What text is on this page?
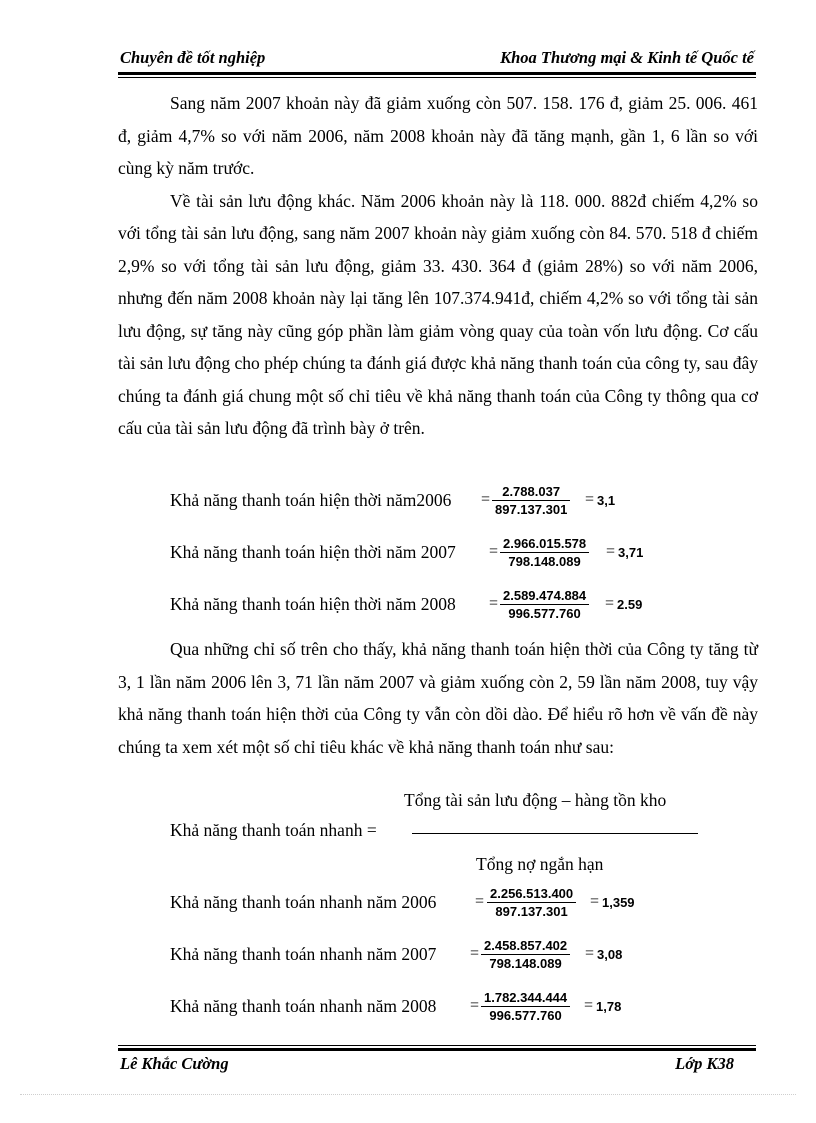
Chuyên đề tốt nghiệp	Khoa Thương mại & Kinh tế Quốc tế

Sang năm 2007 khoản này đã giảm xuống còn 507. 158. 176 đ, giảm 25. 006. 461 đ, giảm 4,7% so với năm 2006, năm 2008 khoản này đã tăng mạnh, gần 1, 6 lần so với cùng kỳ năm trước.

Về tài sản lưu động khác. Năm 2006 khoản này là 118. 000. 882đ chiếm 4,2% so với tổng tài sản lưu động, sang năm 2007 khoản này giảm xuống còn 84. 570. 518 đ chiếm 2,9% so với tổng tài sản lưu động, giảm 33. 430. 364 đ (giảm 28%) so với năm 2006, nhưng đến năm 2008 khoản này lại tăng lên 107.374.941đ, chiếm 4,2% so với tổng tài sản lưu động, sự tăng này cũng góp phần làm giảm vòng quay của toàn vốn lưu động. Cơ cấu tài sản lưu động cho phép chúng ta đánh giá được khả năng thanh toán của công ty, sau đây chúng ta đánh giá chung một số chỉ tiêu về khả năng thanh toán của Công ty thông qua cơ cấu của tài sản lưu động đã trình bày ở trên.

Khả năng thanh toán hiện thời năm2006 = $\frac{2.788.037}{897.137.301} = 3,1$
Khả năng thanh toán hiện thời năm $2007 = \frac{2.966.015.578}{798.148.089} = 3,71$
Khả năng thanh toán hiện thời năm $2008 = \frac{2.589.474.884}{996.577.760} = 2.59$

Qua những chỉ số trên cho thấy, khả năng thanh toán hiện thời của Công ty tăng từ 3, 1 lần năm 2006 lên 3, 71 lần năm 2007 và giảm xuống còn 2, 59 lần năm 2008, tuy vậy khả năng thanh toán hiện thời của Công ty vẫn còn dồi dào. Để hiểu rõ hơn về vấn đề này chúng ta xem xét một số chỉ tiêu khác về khả năng thanh toán như sau:

Tổng tài sản lưu động – hàng tồn kho
Khả năng thanh toán nhanh =
Tổng nợ ngắn hạn
Khả năng thanh toán nhanh năm $2006 = \frac{2.256.513.400}{897.137.301} = 1,359$
Khả năng thanh toán nhanh năm $2007 = \frac{2.458.857.402}{798.148.089} = 3,08$
Khả năng thanh toán nhanh năm $2008 = \frac{1.782.344.444}{996.577.760} = 1,78$
Lê Khắc Cường	Lớp K38
